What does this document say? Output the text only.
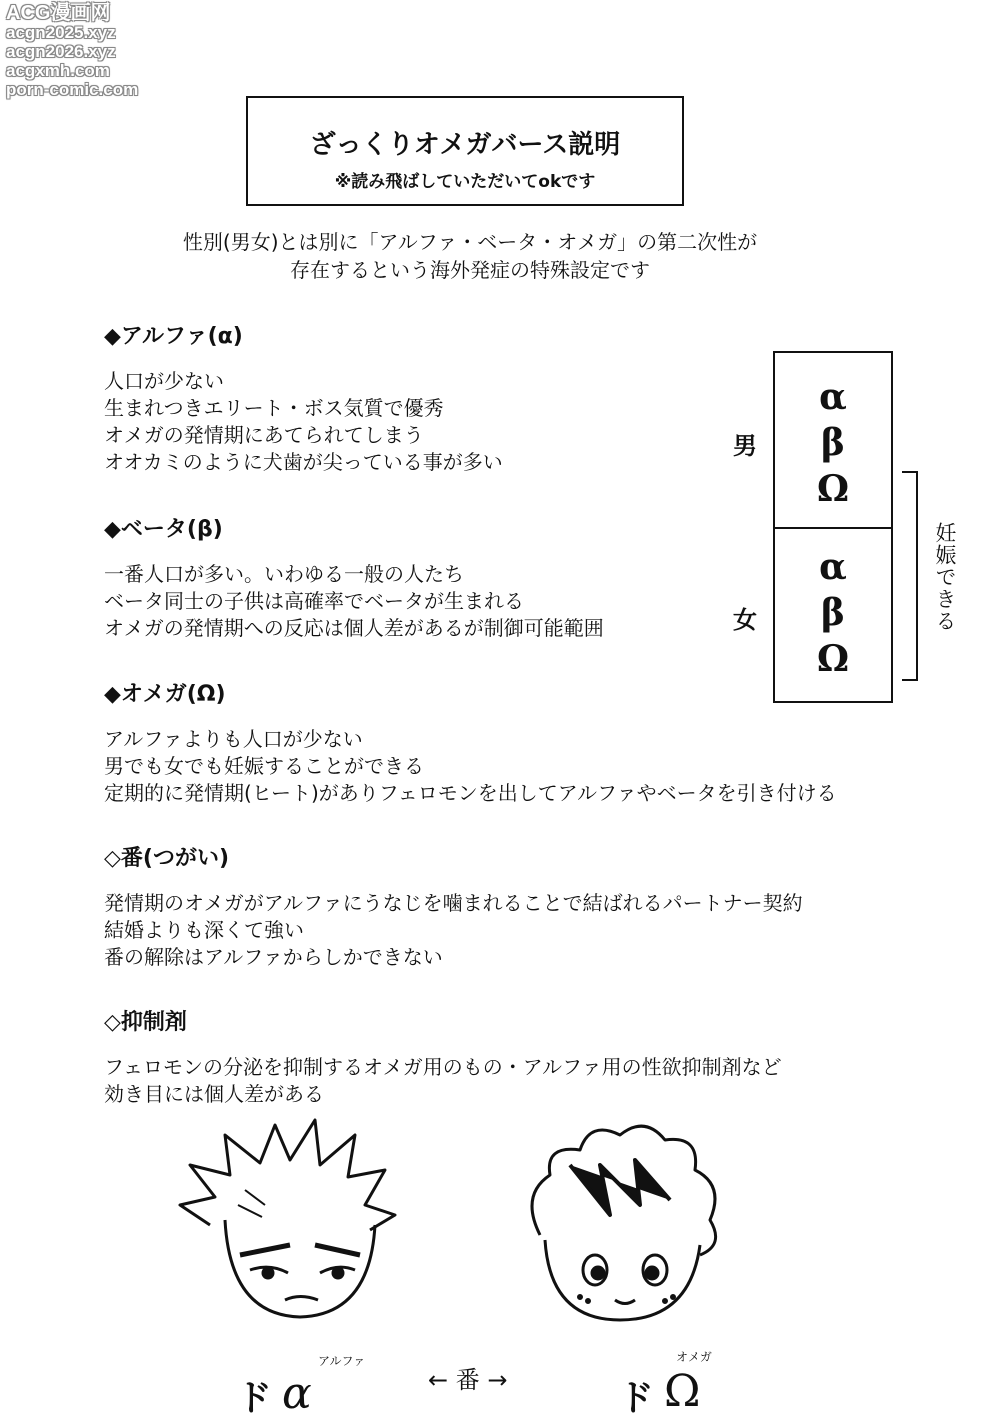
ACG漫画网
acgn2025.xyz
acgn2026.xyz
acgxmh.com
porn-comic.com
ざっくりオメガバース説明
※読み飛ばしていただいてokです
性別(男女)とは別に「アルファ・ベータ・オメガ」の第二次性が
存在するという海外発症の特殊設定です
◆アルファ(α)
人口が少ない
生まれつきエリート・ボス気質で優秀
オメガの発情期にあてられてしまう
オオカミのように犬歯が尖っている事が多い
◆ベータ(β)
一番人口が多い。いわゆる一般の人たち
ベータ同士の子供は高確率でベータが生まれる
オメガの発情期への反応は個人差があるが制御可能範囲
◆オメガ(Ω)
アルファよりも人口が少ない
男でも女でも妊娠することができる
定期的に発情期(ヒート)がありフェロモンを出してアルファやベータを引き付ける
◇番(つがい)
発情期のオメガがアルファにうなじを噛まれることで結ばれるパートナー契約
結婚よりも深くて強い
番の解除はアルファからしかできない
◇抑制剤
フェロモンの分泌を抑制するオメガ用のもの・アルファ用の性欲抑制剤など
効き目には個人差がある
男
女
α
β
Ω
α
β
Ω
妊娠できる
ド α
アルファ
← 番 →	ド Ω
オメガ
